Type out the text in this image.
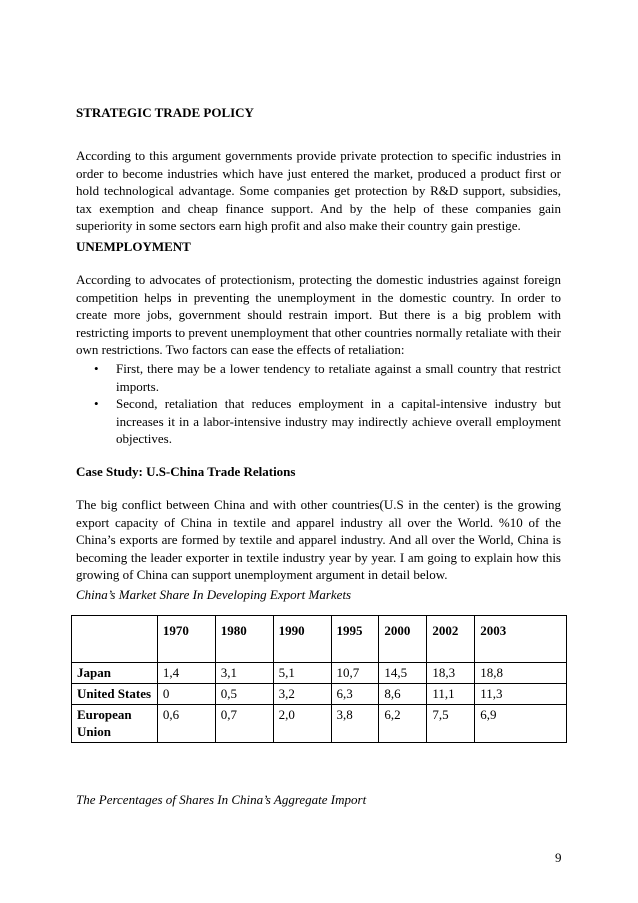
STRATEGIC TRADE POLICY
According to this argument governments provide private protection to specific industries in order to become industries which have just entered the market, produced a product first or hold technological advantage. Some companies get protection by R&D support, subsidies, tax exemption and cheap finance support. And by the help of these companies gain superiority in some sectors earn high profit and also make their country gain prestige.
UNEMPLOYMENT
According to advocates of protectionism, protecting the domestic industries against foreign competition helps in preventing the unemployment in the domestic country. In order to create more jobs, government should restrain import. But there is a big problem with restricting imports to prevent unemployment that other countries normally retaliate with their own restrictions. Two factors can ease the effects of retaliation:
• First, there may be a lower tendency to retaliate against a small country that restrict imports.
• Second, retaliation that reduces employment in a capital-intensive industry but increases it in a labor-intensive industry may indirectly achieve overall employment objectives.
Case Study: U.S-China Trade Relations
The big conflict between China and with other countries(U.S in the center) is the growing export capacity of China in textile and apparel industry all over the World. %10 of the China’s exports are formed by textile and apparel industry. And all over the World, China is becoming the leader exporter in textile industry year by year. I am going to explain how this growing of China can support unemployment argument in detail below.
China’s Market Share In Developing Export Markets
	1970	1980	1990	1995	2000	2002	2003
Japan	1,4	3,1	5,1	10,7	14,5	18,3	18,8
United States	0	0,5	3,2	6,3	8,6	11,1	11,3
European Union	0,6	0,7	2,0	3,8	6,2	7,5	6,9
The Percentages of Shares In China’s Aggregate Import
9
